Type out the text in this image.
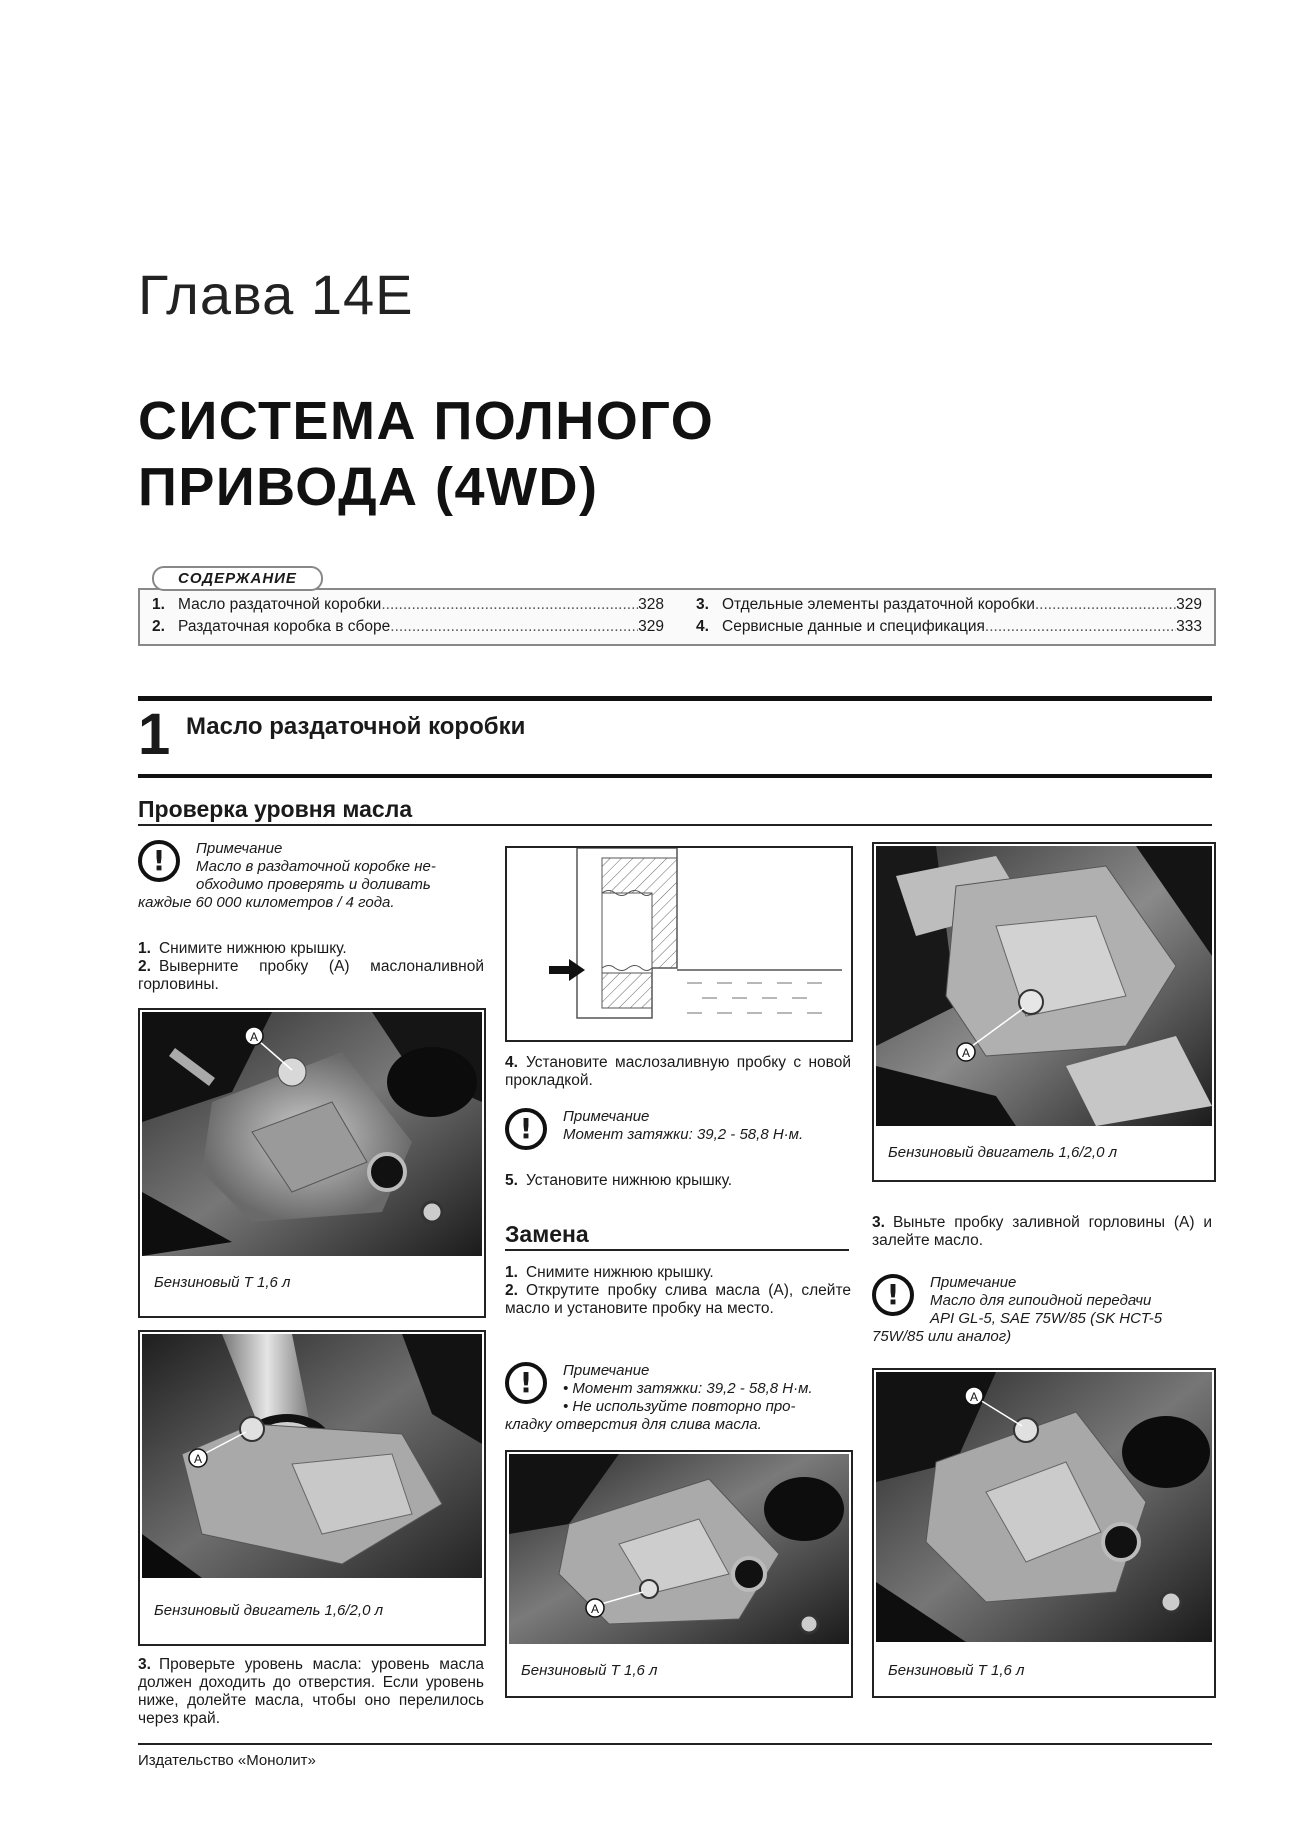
Глава 14E
СИСТЕМА ПОЛНОГО
ПРИВОДА (4WD)
1. Масло раздаточной коробки .....	328
2. Раздаточная коробка в сборе .....	329
3. Отдельные элементы раздаточной коробки .....	329
4. Сервисные данные и спецификация .....	333
СОДЕРЖАНИЕ
1 Масло раздаточной коробки
Проверка уровня масла
!	Примечание
Масло в раздаточной коробке не-
обходимо проверять и доливать
каждые 60 000 километров / 4 года.
1. Снимите нижнюю крышку.
2. Выверните пробку (A) маслоналивной горловины.
A
Бензиновый T 1,6 л
A
Бензиновый двигатель 1,6/2,0 л
3. Проверьте уровень масла: уровень масла должен доходить до отверстия. Если уровень ниже, долейте масла, чтобы оно перелилось через край.
4. Установите маслозаливную пробку с новой прокладкой.
!	Примечание
Момент затяжки: 39,2 - 58,8 Н·м.
5. Установите нижнюю крышку.
Замена
1. Снимите нижнюю крышку.
2. Открутите пробку слива масла (A), слейте масло и установите пробку на место.
!	Примечание
• Момент затяжки: 39,2 - 58,8 Н·м.
• Не используйте повторно про-
кладку отверстия для слива масла.
A
Бензиновый T 1,6 л
A
Бензиновый двигатель 1,6/2,0 л
3. Выньте пробку заливной горловины (A) и залейте масло.
!	Примечание
Масло для гипоидной передачи
API GL-5, SAE 75W/85 (SK HCT-5
75W/85 или аналог)
A
Бензиновый T 1,6 л
Издательство «Монолит»
